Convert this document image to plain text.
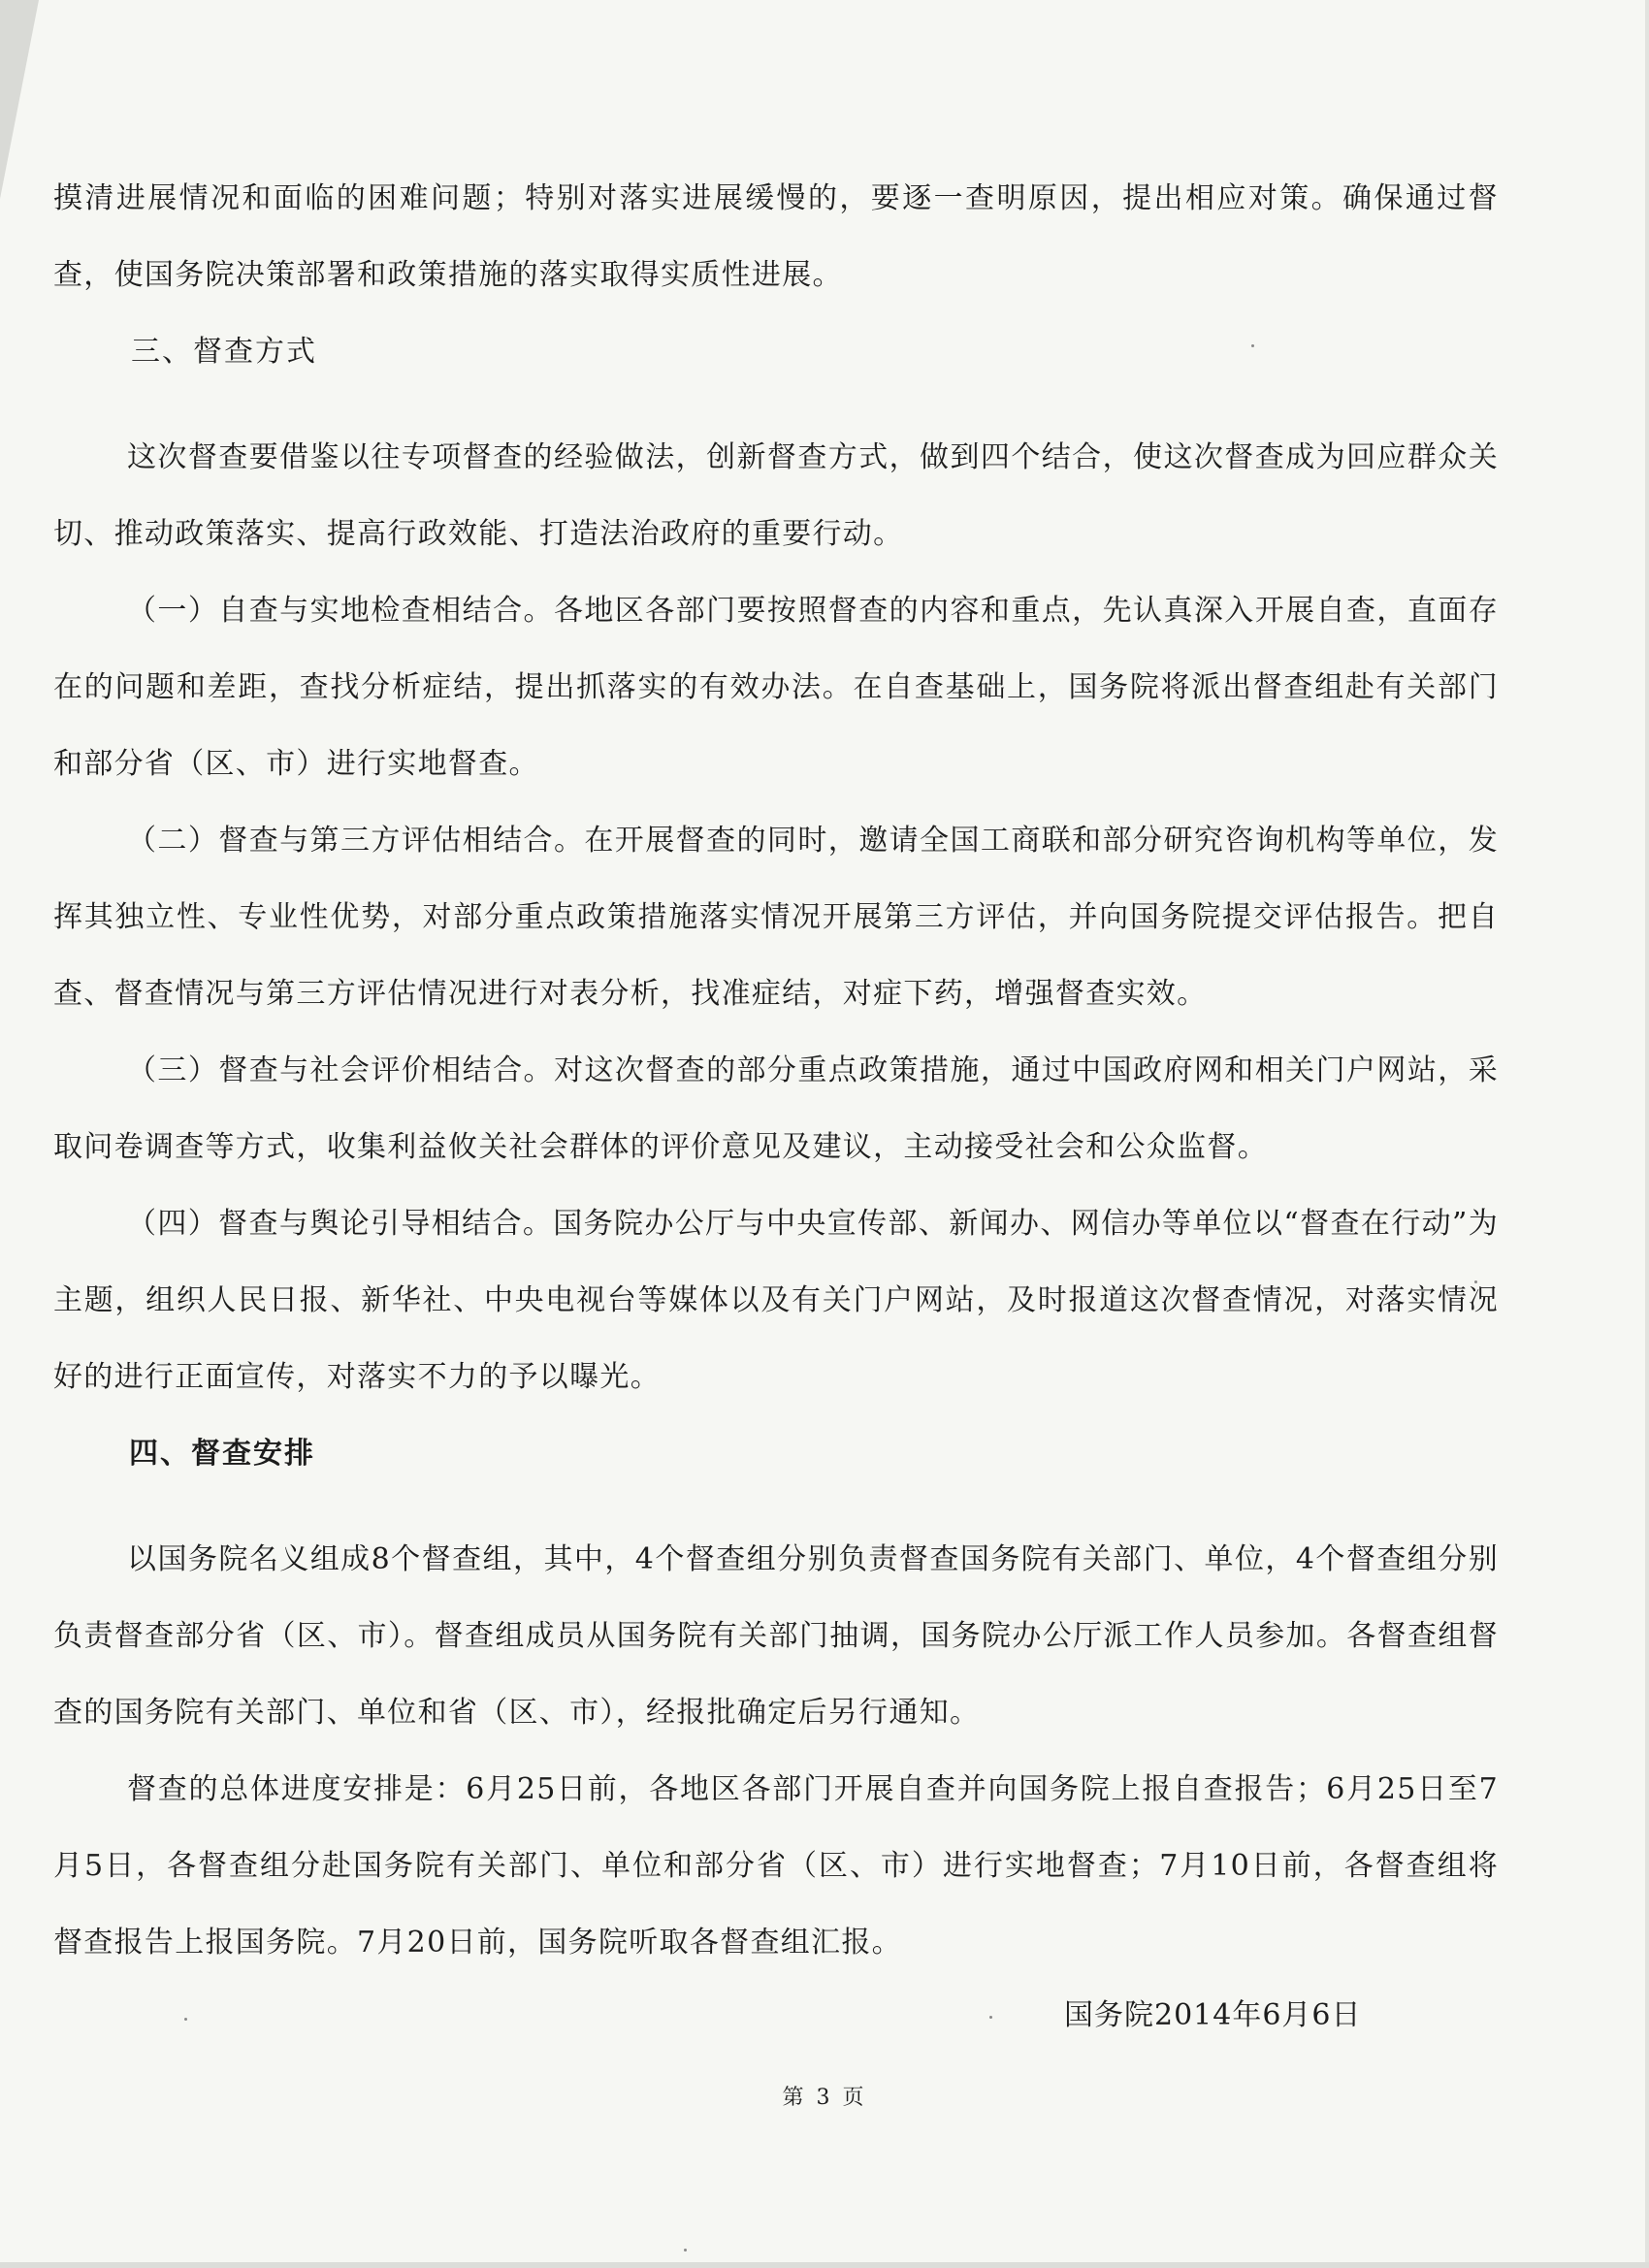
摸清进展情况和面临的困难问题；特别对落实进展缓慢的，要逐一查明原因，提出相应对策。确保通过督查，使国务院决策部署和政策措施的落实取得实质性进展。

三、督查方式

这次督查要借鉴以往专项督查的经验做法，创新督查方式，做到四个结合，使这次督查成为回应群众关切、推动政策落实、提高行政效能、打造法治政府的重要行动。

（一）自查与实地检查相结合。各地区各部门要按照督查的内容和重点，先认真深入开展自查，直面存在的问题和差距，查找分析症结，提出抓落实的有效办法。在自查基础上，国务院将派出督查组赴有关部门和部分省（区、市）进行实地督查。

（二）督查与第三方评估相结合。在开展督查的同时，邀请全国工商联和部分研究咨询机构等单位，发挥其独立性、专业性优势，对部分重点政策措施落实情况开展第三方评估，并向国务院提交评估报告。把自查、督查情况与第三方评估情况进行对表分析，找准症结，对症下药，增强督查实效。

（三）督查与社会评价相结合。对这次督查的部分重点政策措施，通过中国政府网和相关门户网站，采取问卷调查等方式，收集利益攸关社会群体的评价意见及建议，主动接受社会和公众监督。

（四）督查与舆论引导相结合。国务院办公厅与中央宣传部、新闻办、网信办等单位以“督查在行动”为主题，组织人民日报、新华社、中央电视台等媒体以及有关门户网站，及时报道这次督查情况，对落实情况好的进行正面宣传，对落实不力的予以曝光。

四、督查安排

以国务院名义组成8个督查组，其中，4个督查组分别负责督查国务院有关部门、单位，4个督查组分别负责督查部分省（区、市）。督查组成员从国务院有关部门抽调，国务院办公厅派工作人员参加。各督查组督查的国务院有关部门、单位和省（区、市），经报批确定后另行通知。

督查的总体进度安排是：6月25日前，各地区各部门开展自查并向国务院上报自查报告；6月25日至7月5日，各督查组分赴国务院有关部门、单位和部分省（区、市）进行实地督查；7月10日前，各督查组将督查报告上报国务院。7月20日前，国务院听取各督查组汇报。

国务院2014年6月6日
第 3 页
